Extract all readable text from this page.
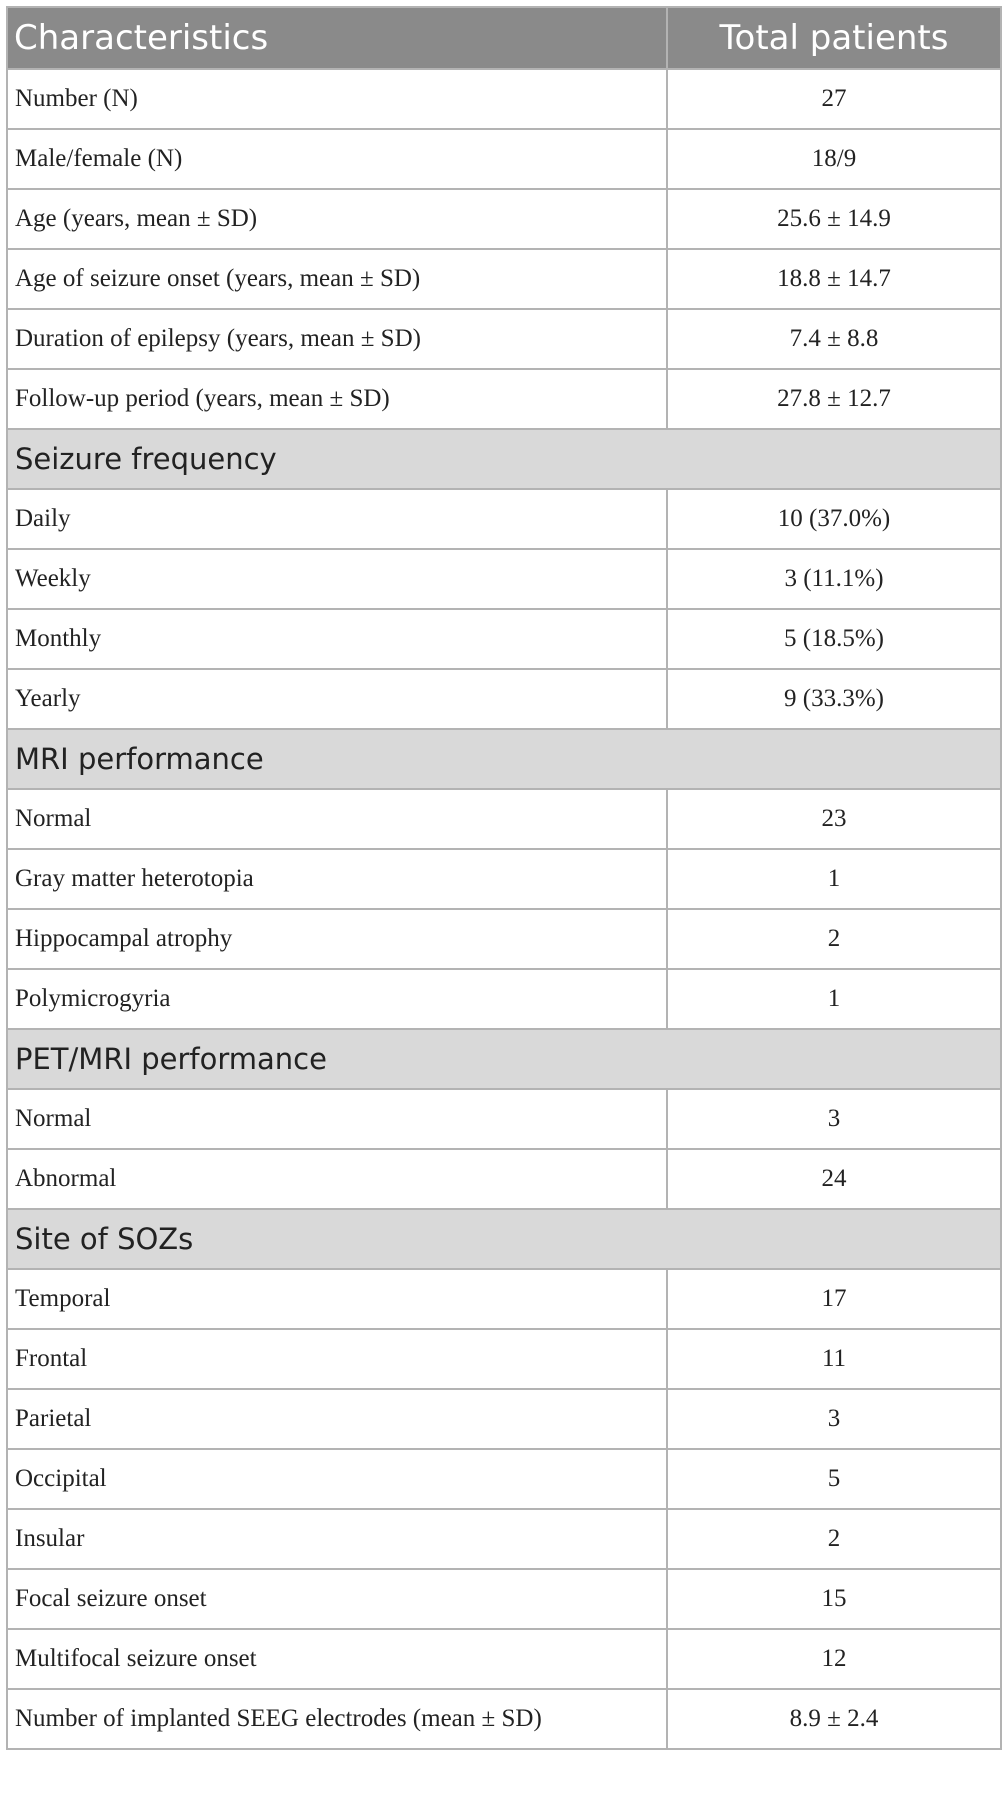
Characteristics	Total patients
Number (N)	27
Male/female (N)	18/9
Age (years, mean ± SD)	25.6 ± 14.9
Age of seizure onset (years, mean ± SD)	18.8 ± 14.7
Duration of epilepsy (years, mean ± SD)	7.4 ± 8.8
Follow-up period (years, mean ± SD)	27.8 ± 12.7
Seizure frequency	
Daily	10 (37.0%)
Weekly	3 (11.1%)
Monthly	5 (18.5%)
Yearly	9 (33.3%)
MRI performance	
Normal	23
Gray matter heterotopia	1
Hippocampal atrophy	2
Polymicrogyria	1
PET/MRI performance	
Normal	3
Abnormal	24
Site of SOZs	
Temporal	17
Frontal	11
Parietal	3
Occipital	5
Insular	2
Focal seizure onset	15
Multifocal seizure onset	12
Number of implanted SEEG electrodes (mean ± SD)	8.9 ± 2.4
